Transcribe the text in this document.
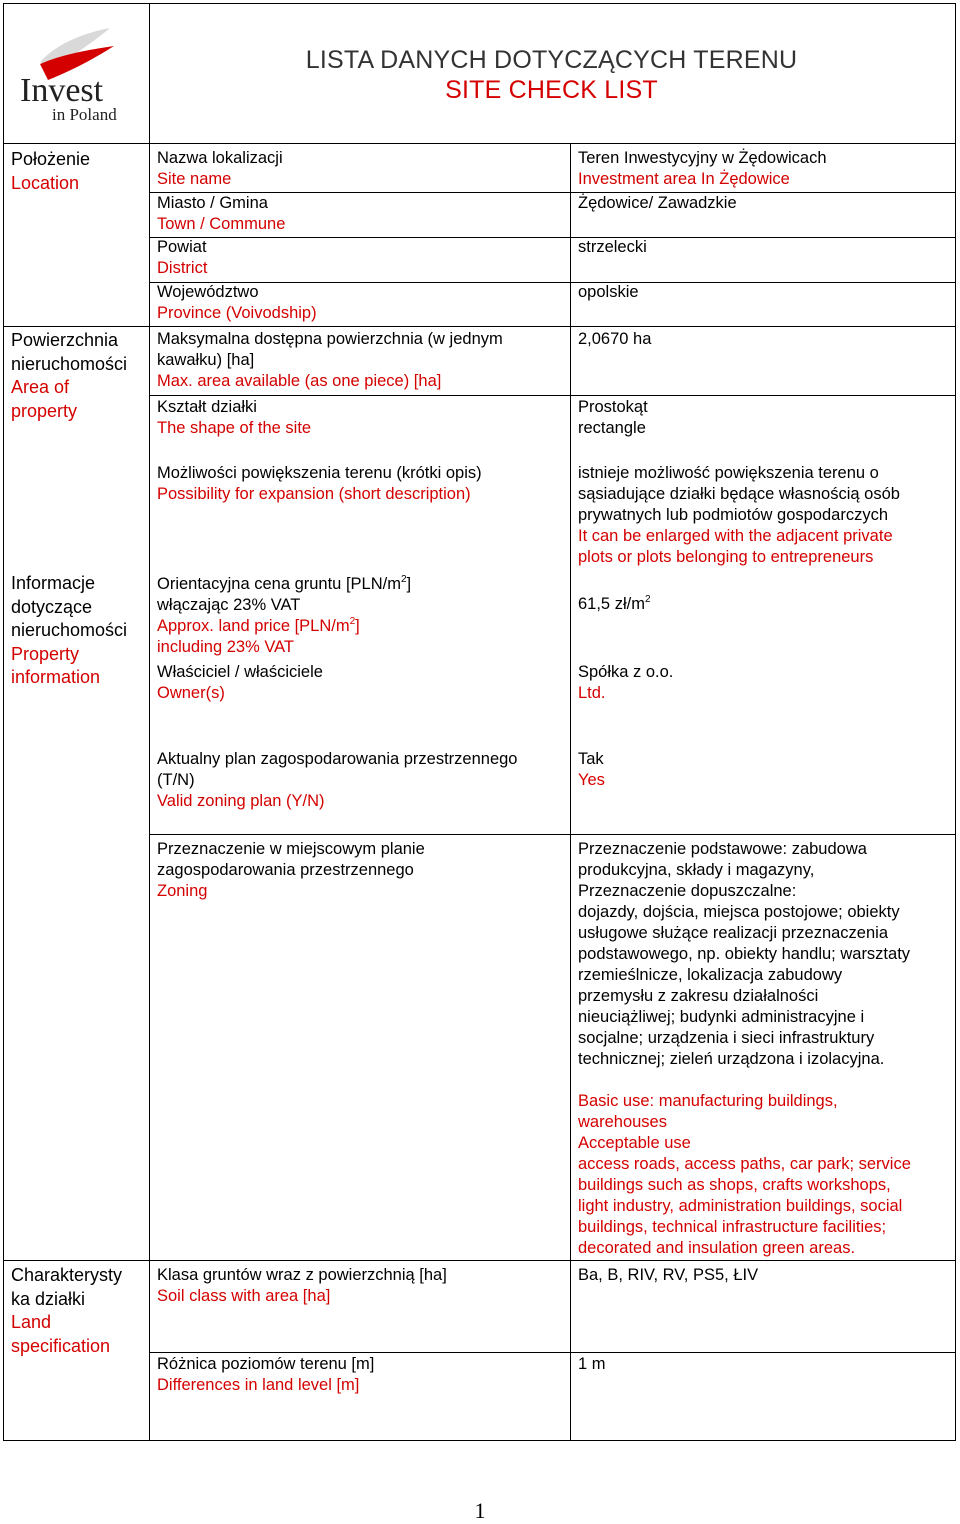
Invest
in Poland
LISTA DANYCH DOTYCZĄCYCH TERENU
SITE CHECK LIST

Położenie

Location

Powierzchnia

nieruchomości

Area of

property

Informacje

dotyczące

nieruchomości

Property

information

Charakterysty

ka działki

Land

specification

Nazwa lokalizacji

Site name

Teren Inwestycyjny w Żędowicach

Investment area In Żędowice

Miasto / Gmina

Town / Commune

Żędowice/ Zawadzkie

Powiat

District

strzelecki

Województwo

Province (Voivodship)

opolskie

Maksymalna dostępna powierzchnia (w jednym

kawałku) [ha]

Max. area available (as one piece) [ha]

2,0670 ha

Kształt działki

The shape of the site

Prostokąt

rectangle

Możliwości powiększenia terenu (krótki opis)

Possibility for expansion (short description)

istnieje możliwość powiększenia terenu o

sąsiadujące działki będące własnością osób

prywatnych lub podmiotów gospodarczych

It can be enlarged with the adjacent private

plots or plots belonging to entrepreneurs

Orientacyjna cena gruntu $[PLN/m^2]$

włączając 23% VAT

Approx. land price $[PLN/m^2]$

including 23% VAT

61,5 $zł/m^2$

Właściciel / właściciele

Owner(s)

Spółka z o.o.

Ltd.

Aktualny plan zagospodarowania przestrzennego

(T/N)

Valid zoning plan (Y/N)

Tak

Yes

Przeznaczenie w miejscowym planie

zagospodarowania przestrzennego

Zoning

Przeznaczenie podstawowe: zabudowa

produkcyjna, składy i magazyny,

Przeznaczenie dopuszczalne:

dojazdy, dojścia, miejsca postojowe; obiekty

usługowe służące realizacji przeznaczenia

podstawowego, np. obiekty handlu; warsztaty

rzemieślnicze, lokalizacja zabudowy

przemysłu z zakresu działalności

nieuciążliwej; budynki administracyjne i

socjalne; urządzenia i sieci infrastruktury

technicznej; zieleń urządzona i izolacyjna.

Basic use: manufacturing buildings,

warehouses

Acceptable use

access roads, access paths, car park; service

buildings such as shops, crafts workshops,

light industry, administration buildings, social

buildings, technical infrastructure facilities;

decorated and insulation green areas.

Klasa gruntów wraz z powierzchnią [ha]

Soil class with area [ha]

Ba, B, RIV, RV, PS5, ŁIV

Różnica poziomów terenu [m]

Differences in land level [m]

1 m

1
